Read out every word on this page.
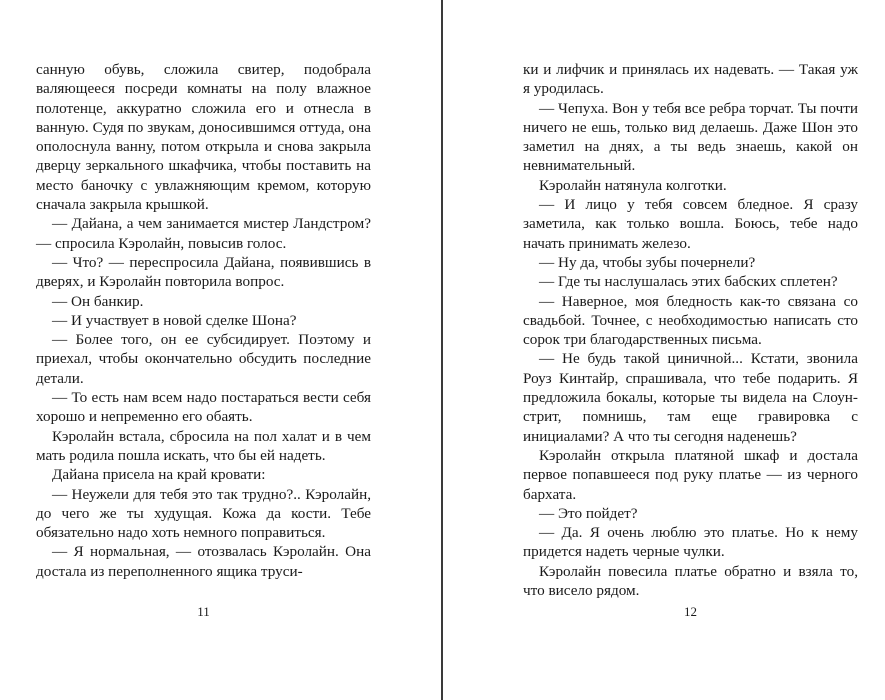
санную обувь, сложила свитер, подобрала валяющееся посреди комнаты на полу влажное полотенце, аккуратно сложила его и отнесла в ванную. Судя по звукам, доносившимся оттуда, она ополоснула ванну, потом открыла и снова закрыла дверцу зеркального шкафчика, чтобы поставить на место баночку с увлажняющим кремом, которую сначала закрыла крышкой.

— Дайана, а чем занимается мистер Ландстром? — спросила Кэролайн, повысив голос.

— Что? — переспросила Дайана, появившись в дверях, и Кэролайн повторила вопрос.

— Он банкир.

— И участвует в новой сделке Шона?

— Более того, он ее субсидирует. Поэтому и приехал, чтобы окончательно обсудить последние детали.

— То есть нам всем надо постараться вести себя хорошо и непременно его обаять.

Кэролайн встала, сбросила на пол халат и в чем мать родила пошла искать, что бы ей надеть.

Дайана присела на край кровати:

— Неужели для тебя это так трудно?.. Кэролайн, до чего же ты худущая. Кожа да кости. Тебе обязательно надо хоть немного поправиться.

— Я нормальная, — отозвалась Кэролайн. Она достала из переполненного ящика труси-

11

ки и лифчик и принялась их надевать. — Такая уж я уродилась.

— Чепуха. Вон у тебя все ребра торчат. Ты почти ничего не ешь, только вид делаешь. Даже Шон это заметил на днях, а ты ведь знаешь, какой он невнимательный.

Кэролайн натянула колготки.

— И лицо у тебя совсем бледное. Я сразу заметила, как только вошла. Боюсь, тебе надо начать принимать железо.

— Ну да, чтобы зубы почернели?

— Где ты наслушалась этих бабских сплетен?

— Наверное, моя бледность как-то связана со свадьбой. Точнее, с необходимостью написать сто сорок три благодарственных письма.

— Не будь такой циничной... Кстати, звонила Роуз Кинтайр, спрашивала, что тебе подарить. Я предложила бокалы, которые ты видела на Слоун-стрит, помнишь, там еще гравировка с инициалами? А что ты сегодня наденешь?

Кэролайн открыла платяной шкаф и достала первое попавшееся под руку платье — из черного бархата.

— Это пойдет?

— Да. Я очень люблю это платье. Но к нему придется надеть черные чулки.

Кэролайн повесила платье обратно и взяла то, что висело рядом.

12
